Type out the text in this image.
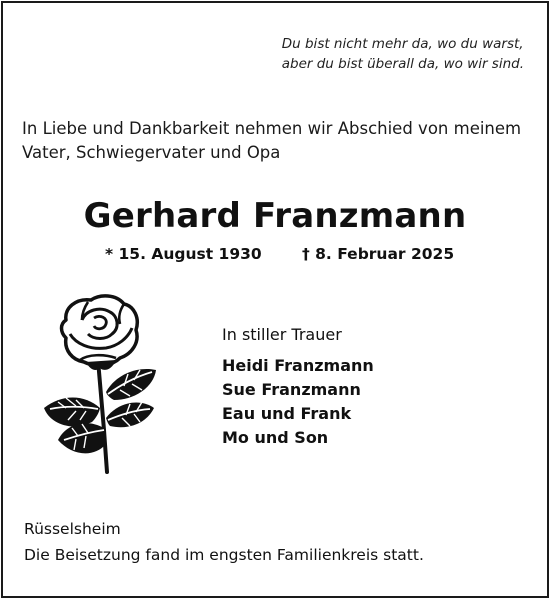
Du bist nicht mehr da, wo du warst,
aber du bist überall da, wo wir sind.
In Liebe und Dankbarkeit nehmen wir Abschied von meinem
Vater, Schwiegervater und Opa
Gerhard Franzmann
* 15. August 1930	† 8. Februar 2025
In stiller Trauer
Heidi Franzmann
Sue Franzmann
Eau und Frank
Mo und Son
Rüsselsheim
Die Beisetzung fand im engsten Familienkreis statt.
